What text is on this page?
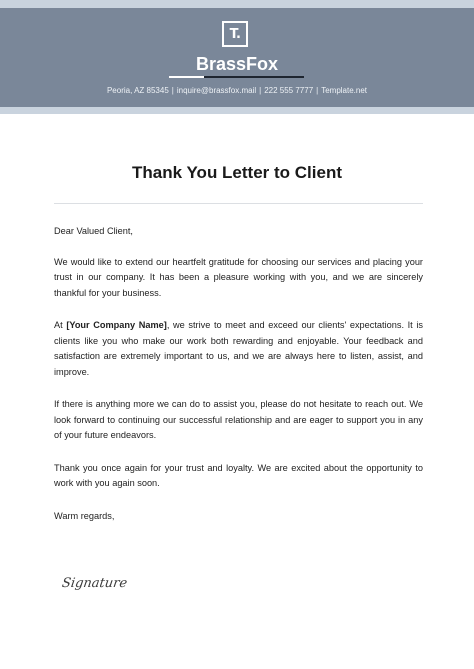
T.
BrassFox
Peoria, AZ 85345 | inquire@brassfox.mail | 222 555 7777 | Template.net
Thank You Letter to Client

Dear Valued Client,

We would like to extend our heartfelt gratitude for choosing our services and placing your trust in our company. It has been a pleasure working with you, and we are sincerely thankful for your business.

At [Your Company Name], we strive to meet and exceed our clients' expectations. It is clients like you who make our work both rewarding and enjoyable. Your feedback and satisfaction are extremely important to us, and we are always here to listen, assist, and improve.

If there is anything more we can do to assist you, please do not hesitate to reach out. We look forward to continuing our successful relationship and are eager to support you in any of your future endeavors.

Thank you once again for your trust and loyalty. We are excited about the opportunity to work with you again soon.

Warm regards,

Signature
